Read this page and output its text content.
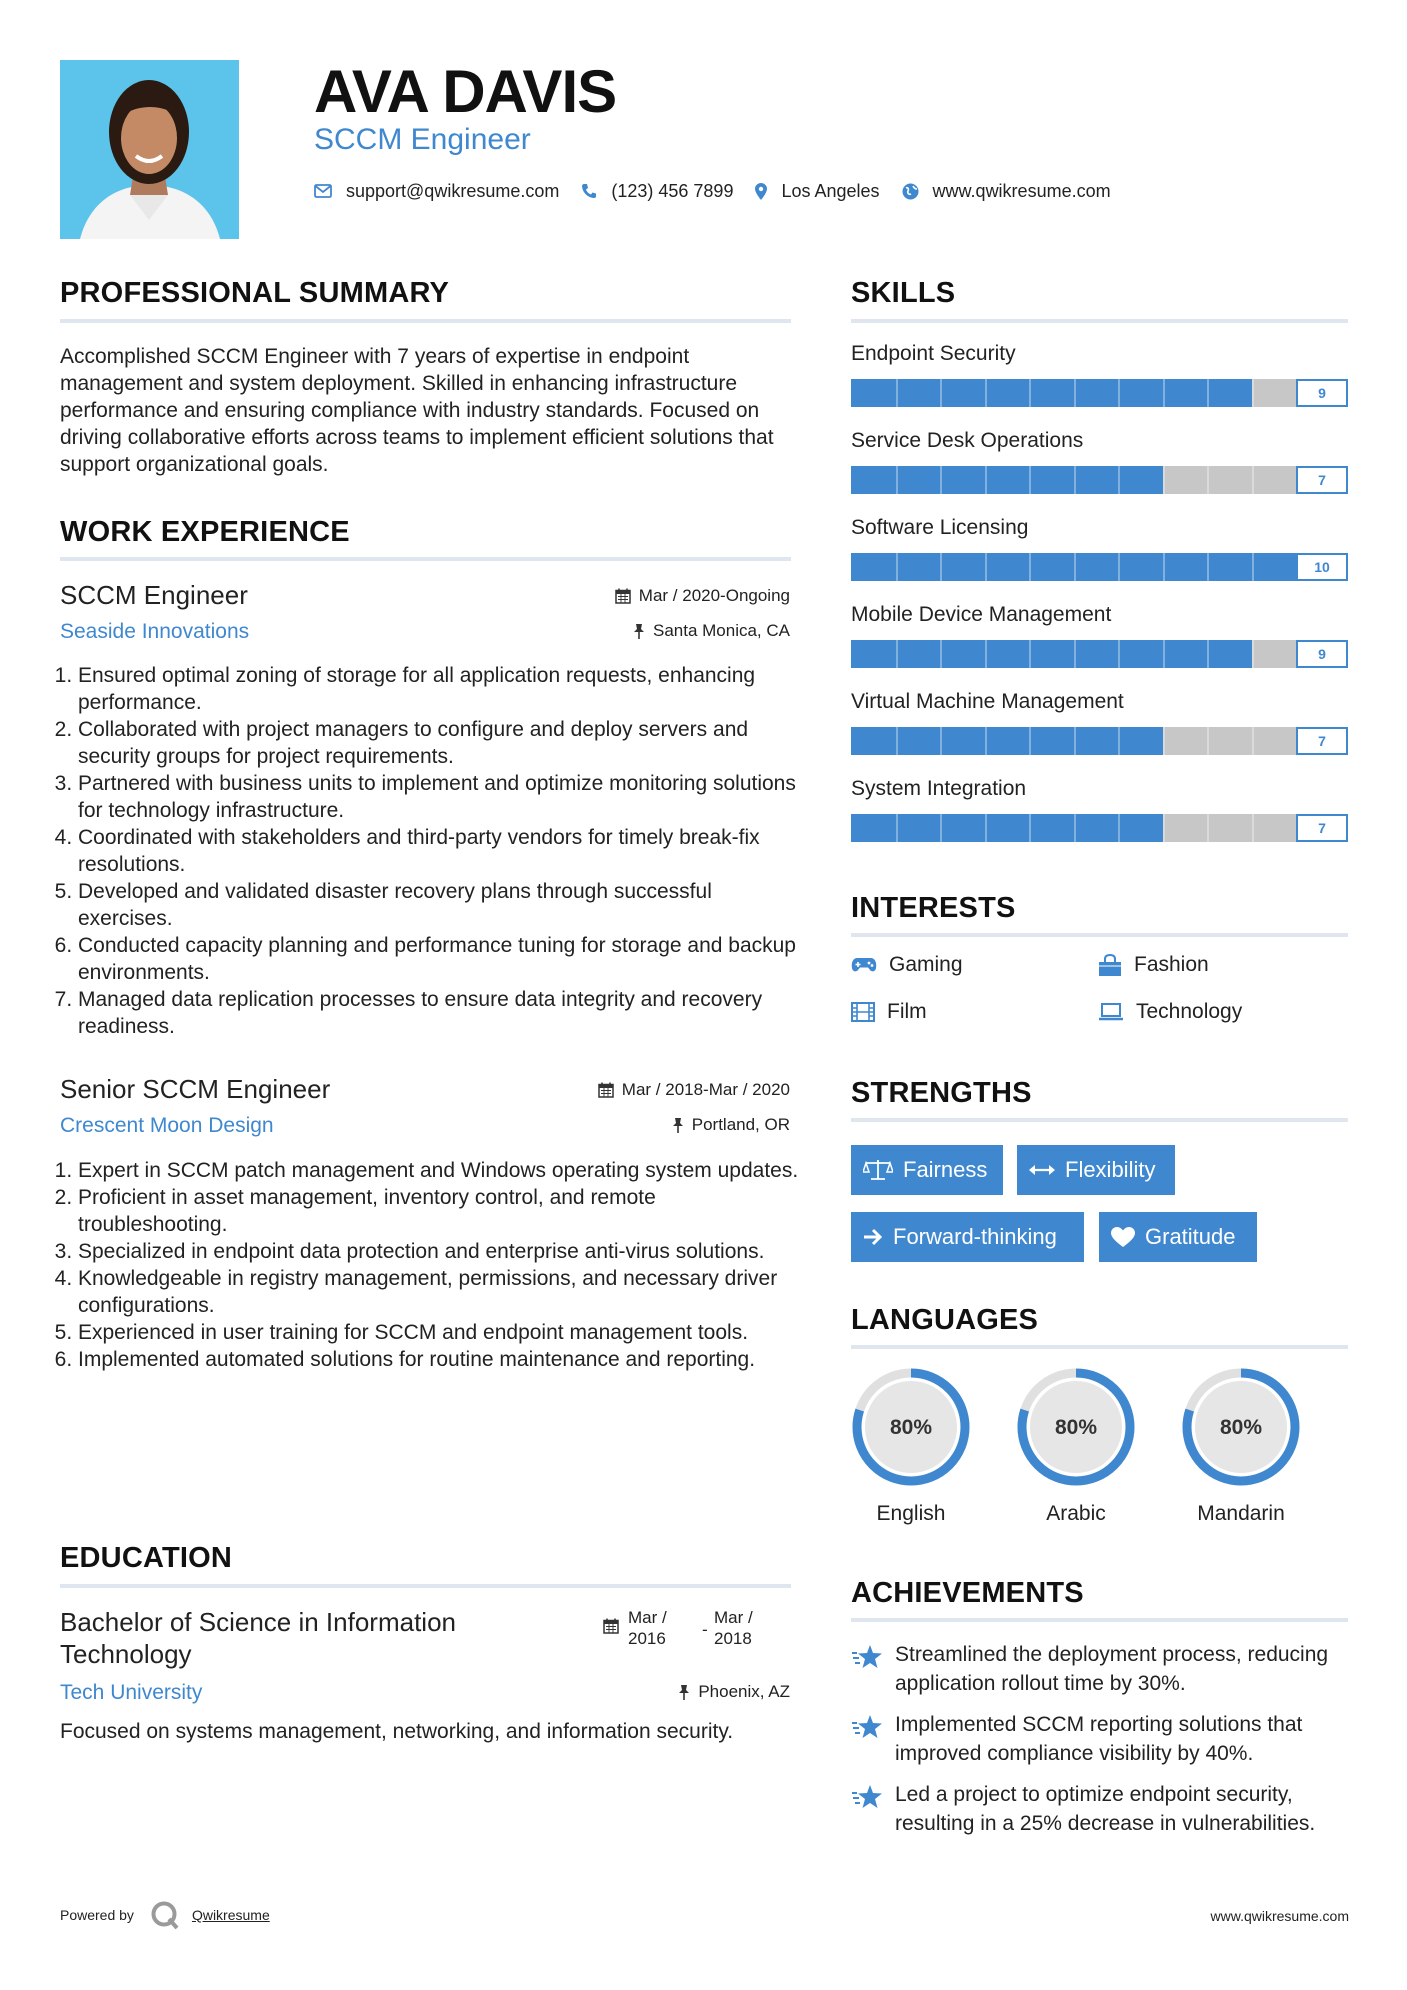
AVA DAVIS
SCCM Engineer
support@qwikresume.com	(123) 456 7899	Los Angeles	www.qwikresume.com
PROFESSIONAL SUMMARY
Accomplished SCCM Engineer with 7 years of expertise in endpoint management and system deployment. Skilled in enhancing infrastructure performance and ensuring compliance with industry standards. Focused on driving collaborative efforts across teams to implement efficient solutions that support organizational goals.
WORK EXPERIENCE
SCCM Engineer	Mar / 2020-Ongoing
Seaside Innovations	Santa Monica, CA
1. Ensured optimal zoning of storage for all application requests, enhancing performance.
2. Collaborated with project managers to configure and deploy servers and security groups for project requirements.
3. Partnered with business units to implement and optimize monitoring solutions for technology infrastructure.
4. Coordinated with stakeholders and third-party vendors for timely break-fix resolutions.
5. Developed and validated disaster recovery plans through successful exercises.
6. Conducted capacity planning and performance tuning for storage and backup environments.
7. Managed data replication processes to ensure data integrity and recovery readiness.
Senior SCCM Engineer	Mar / 2018-Mar / 2020
Crescent Moon Design	Portland, OR
1. Expert in SCCM patch management and Windows operating system updates.
2. Proficient in asset management, inventory control, and remote troubleshooting.
3. Specialized in endpoint data protection and enterprise anti-virus solutions.
4. Knowledgeable in registry management, permissions, and necessary driver configurations.
5. Experienced in user training for SCCM and endpoint management tools.
6. Implemented automated solutions for routine maintenance and reporting.
EDUCATION
Bachelor of Science in Information Technology
Mar / 2016	-
Mar / 2018
Tech University	Phoenix, AZ
Focused on systems management, networking, and information security.
SKILLS
Endpoint Security
9
Service Desk Operations
7
Software Licensing
10
Mobile Device Management
9
Virtual Machine Management
7
System Integration
7
INTERESTS
Gaming	Fashion
Film	Technology
STRENGTHS
Fairness	Flexibility
Forward-thinking	Gratitude
LANGUAGES
80%
English
80%
Arabic
80%
Mandarin
ACHIEVEMENTS
Streamlined the deployment process, reducing application rollout time by 30%.
Implemented SCCM reporting solutions that improved compliance visibility by 40%.
Led a project to optimize endpoint security, resulting in a 25% decrease in vulnerabilities.
Powered by	Qwikresume	www.qwikresume.com
